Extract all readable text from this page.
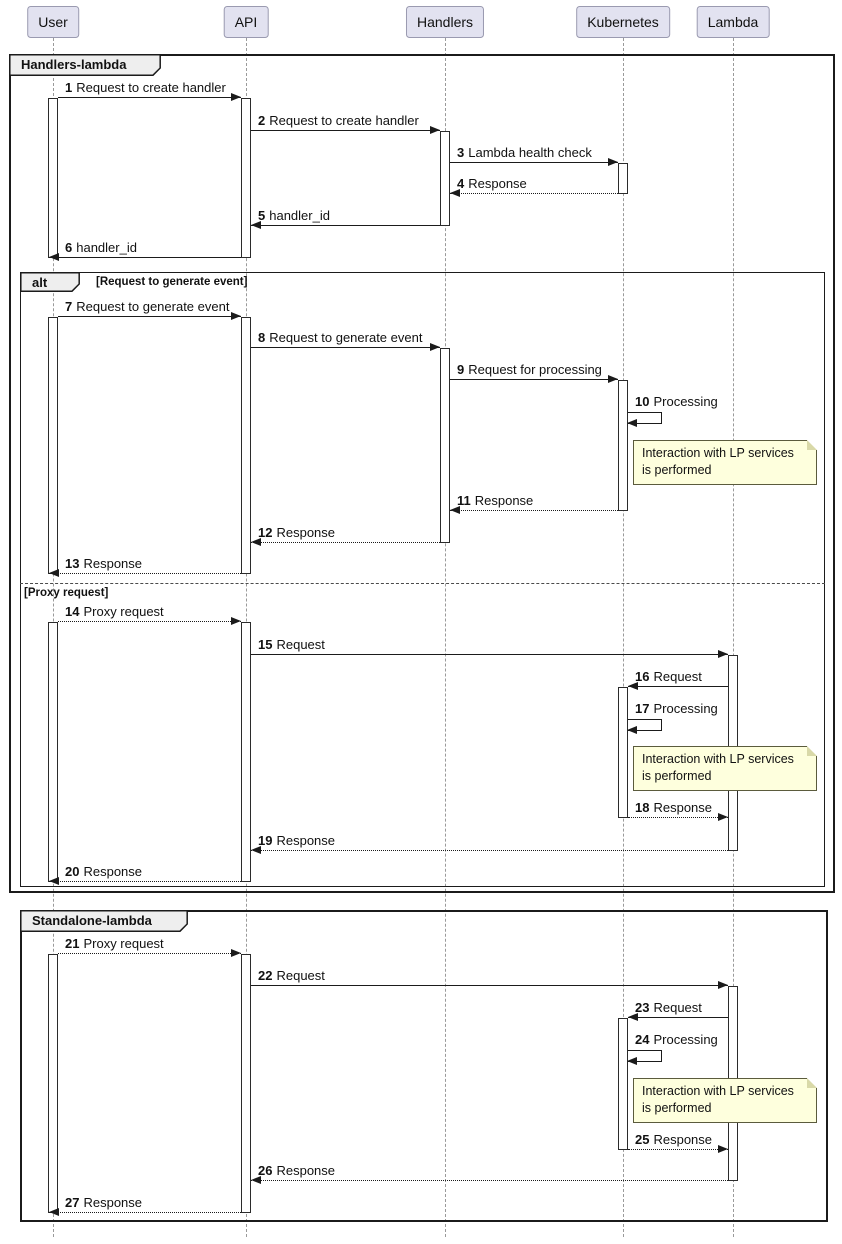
Handlers-lambda
alt	[Request to generate event]
[Proxy request]
Standalone-lambda
1 Request to create handler
2 Request to create handler
3 Lambda health check
4 Response
5 handler_id
6 handler_id
7 Request to generate event
8 Request to generate event
9 Request for processing
10 Processing
11 Response
12 Response
13 Response
14 Proxy request
15 Request
16 Request
17 Processing
18 Response
19 Response
20 Response
21 Proxy request
22 Request
23 Request
24 Processing
25 Response
26 Response
27 Response
Interaction with LP services
is performed
Interaction with LP services
is performed
Interaction with LP services
is performed
User	API	Handlers	Kubernetes	Lambda
